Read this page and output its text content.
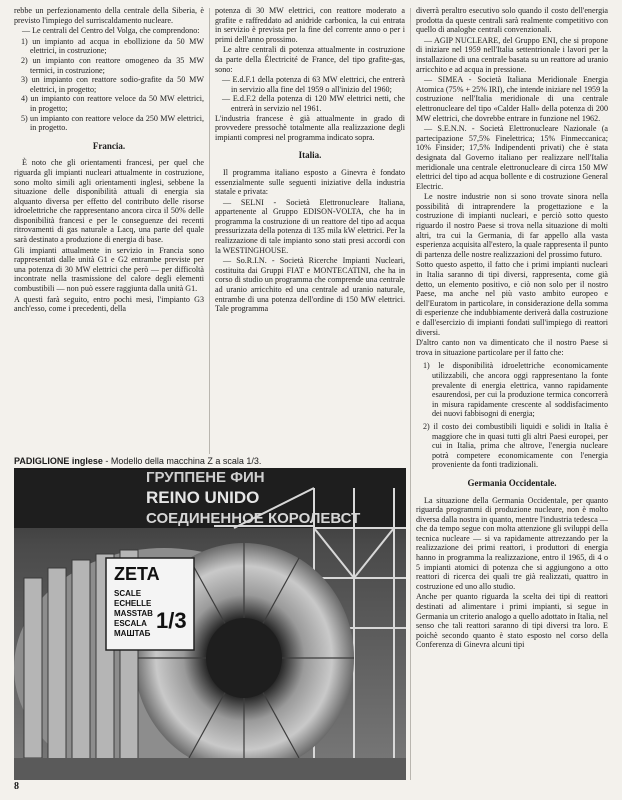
rebbe un perfezionamento della centrale della Siberia, è previsto l'impiego del surriscaldamento nucleare.

— Le centrali del Centro del Volga, che comprendono:

1) un impianto ad acqua in ebollizione da 50 MW elettrici, in costruzione;
2) un impianto con reattore omogeneo da 35 MW termici, in costruzione;
3) un impianto con reattore sodio-grafite da 50 MW elettrici, in progetto;
4) un impianto con reattore veloce da 50 MW elettrici, in progetto;
5) un impianto con reattore veloce da 250 MW elettrici, in progetto.
Francia.

È noto che gli orientamenti francesi, per quel che riguarda gli impianti nucleari attualmente in costruzione, sono molto simili agli orientamenti inglesi, sebbene la situazione delle disponibilità attuali di energia sia alquanto diversa per effetto del contributo delle risorse idroelettriche che rappresentano ancora circa il 50% delle disponibilità francesi e per le conseguenze dei recenti ritrovamenti di gas naturale a Lacq, una parte del quale sarà destinato a produzione di energia di base.

Gli impianti attualmente in servizio in Francia sono rappresentati dalle unità G1 e G2 entrambe previste per una potenza di 30 MW elettrici che però — per difficoltà incontrate nella trasmissione del calore degli elementi combustibili — non può essere raggiunta dalla unità G1.

A questi farà seguito, entro pochi mesi, l'impianto G3 anch'esso, come i precedenti, della

potenza di 30 MW elettrici, con reattore moderato a grafite e raffreddato ad anidride carbonica, la cui entrata in servizio è prevista per la fine del corrente anno o per i primi dell'anno prossimo.

Le altre centrali di potenza attualmente in costruzione da parte della Électricité de France, del tipo grafite-gas, sono:

— E.d.F.1 della potenza di 63 MW elettrici, che entrerà in servizio alla fine del 1959 o all'inizio del 1960;
— E.d.F.2 della potenza di 120 MW elettrici netti, che entrerà in servizio nel 1961.

L'industria francese è già attualmente in grado di provvedere pressochè totalmente alla realizzazione degli impianti compresi nel programma indicato sopra.

Italia.

Il programma italiano esposto a Ginevra è fondato essenzialmente sulle seguenti iniziative della industria statale e privata:

— SELNI - Società Elettronucleare Italiana, appartenente al Gruppo EDISON-VOLTA, che ha in programma la costruzione di un reattore del tipo ad acqua pressurizzata della potenza di 135 mila kW elettrici. Per la realizzazione di tale impianto sono stati presi accordi con la WESTINGHOUSE.

— So.R.I.N. - Società Ricerche Impianti Nucleari, costituita dai Gruppi FIAT e MONTECATINI, che ha in corso di studio un programma che comprende una centrale ad uranio arricchito ed una centrale ad uranio naturale, entrambe di una potenza dell'ordine di 150 MW elettrici. Tale programma

diverrà peraltro esecutivo solo quando il costo dell'energia prodotta da queste centrali sarà realmente competitivo con quello di analoghe centrali convenzionali.

— AGIP NUCLEARE, del Gruppo ENI, che si propone di iniziare nel 1959 nell'Italia settentrionale i lavori per la installazione di una centrale basata su un reattore ad uranio arricchito e ad acqua in pressione.

— SIMEA - Società Italiana Meridionale Energia Atomica (75% + 25% IRI), che intende iniziare nel 1959 la costruzione nell'Italia meridionale di una centrale elettronucleare del tipo «Calder Hall» della potenza di 200 MW elettrici, che dovrebbe entrare in funzione nel 1962.

— S.E.N.N. - Società Elettronucleare Nazionale (a partecipazione 57,5% Finelettrica; 15% Finmeccanica; 10% Finsider; 17,5% Indipendenti privati) che è stata designata dal Governo italiano per realizzare nell'Italia meridionale una centrale elettronucleare di circa 150 MW elettrici del tipo ad acqua bollente e di costruzione General Electric.

Le nostre industrie non si sono trovate sinora nella possibilità di intraprendere la progettazione e la costruzione di impianti nucleari, e perciò sotto questo riguardo il nostro Paese si trova nella situazione di molti altri, tra cui la Germania, di far appello alla vasta esperienza acquisita all'estero, la quale rappresenta il punto di partenza delle nostre realizzazioni del prossimo futuro.

Sotto questo aspetto, il fatto che i primi impianti nucleari in Italia saranno di tipi diversi, rappresenta, come già detto, un elemento positivo, e ciò non solo per il nostro Paese, ma anche nel più vasto ambito europeo e dell'Euratom in particolare, in considerazione della somma di esperienze che indubbiamente deriverà dalla costruzione e dall'esercizio di impianti fondati sull'impiego di reattori diversi.

D'altro canto non va dimenticato che il nostro Paese si trova in situazione particolare per il fatto che:

1) le disponibilità idroelettriche economicamente utilizzabili, che ancora oggi rappresentano la fonte prevalente di energia elettrica, vanno rapidamente esaurendosi, per cui la produzione termica concorrerà in misura rapidamente crescente al soddisfacimento dei nuovi fabbisogni di energia;
2) il costo dei combustibili liquidi e solidi in Italia è maggiore che in quasi tutti gli altri Paesi europei, per cui in Italia, prima che altrove, l'energia nucleare potrà competere economicamente con l'energia proveniente da fonti tradizionali.
Germania Occidentale.

La situazione della Germania Occidentale, per quanto riguarda programmi di produzione nucleare, non è molto diversa dalla nostra in quanto, mentre l'industria tedesca — che da tempo segue con molta attenzione gli sviluppi della tecnica nucleare — si va rapidamente attrezzando per la realizzazione dei primi reattori, i produttori di energia hanno in programma la realizzazione, entro il 1965, di 4 o 5 impianti atomici di potenza che si aggiungono a otto reattori di ricerca dei quali tre già realizzati, quattro in costruzione ed uno allo studio.

Anche per quanto riguarda la scelta dei tipi di reattori destinati ad alimentare i primi impianti, si segue in Germania un criterio analogo a quello adottato in Italia, nel senso che tali reattori saranno di tipi diversi tra loro. E poichè secondo quanto è stato esposto nel corso della Conferenza di Ginevra alcuni tipi

PADIGLIONE inglese - Modello della macchina Z a scala 1/3.
ГРУППЕНЕ ФИН
REINO UNIDO
СОЕДИНЕННОЕ КОРОЛЕВСТ
ZETA
SCALE
ECHELLE
MASSTAB
ESCALA
МАШТАБ
1/3
8
